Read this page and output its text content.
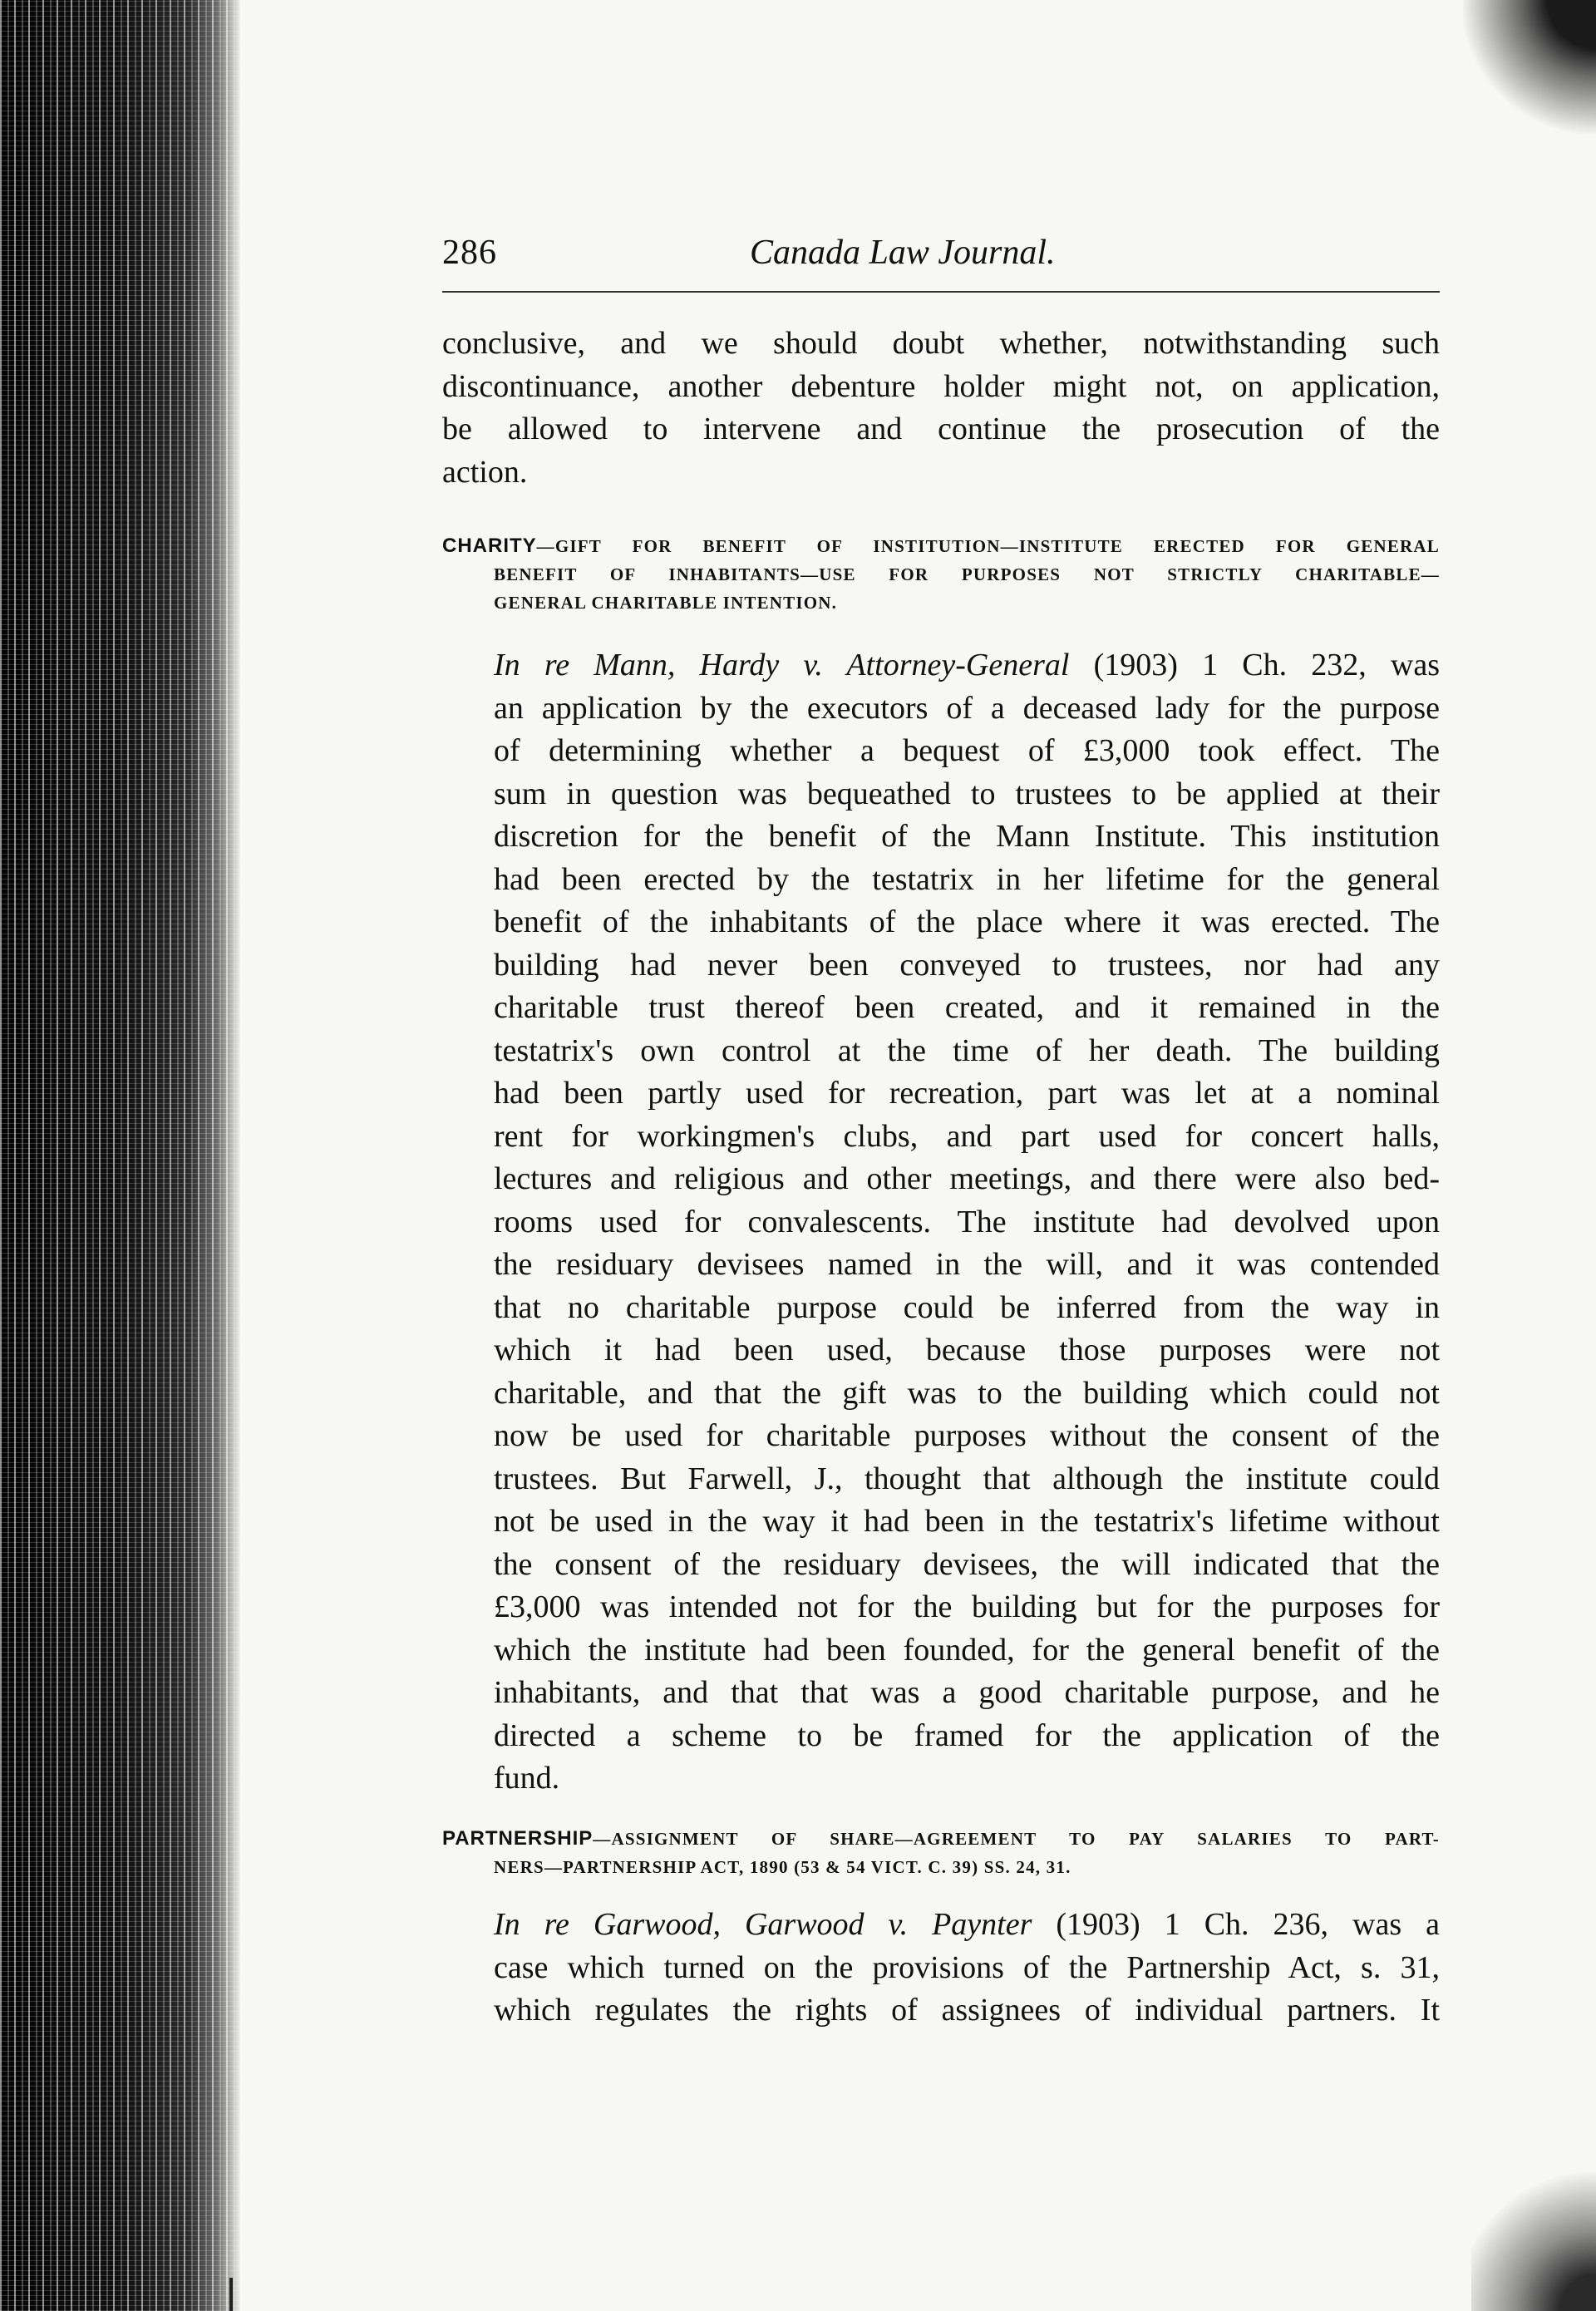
286	Canada Law Journal.
conclusive, and we should doubt whether, notwithstanding such
discontinuance, another debenture holder might not, on application,
be allowed to intervene and continue the prosecution of the
action.
CHARITY—GIFT FOR BENEFIT OF INSTITUTION—INSTITUTE ERECTED FOR GENERAL
BENEFIT OF INHABITANTS—USE FOR PURPOSES NOT STRICTLY CHARITABLE—
GENERAL CHARITABLE INTENTION.
In re Mann, Hardy v. Attorney-General (1903) 1 Ch. 232, was
an application by the executors of a deceased lady for the purpose
of determining whether a bequest of £3,000 took effect. The
sum in question was bequeathed to trustees to be applied at their
discretion for the benefit of the Mann Institute. This institution
had been erected by the testatrix in her lifetime for the general
benefit of the inhabitants of the place where it was erected. The
building had never been conveyed to trustees, nor had any
charitable trust thereof been created, and it remained in the
testatrix's own control at the time of her death. The building
had been partly used for recreation, part was let at a nominal
rent for workingmen's clubs, and part used for concert halls,
lectures and religious and other meetings, and there were also bed-
rooms used for convalescents. The institute had devolved upon
the residuary devisees named in the will, and it was contended
that no charitable purpose could be inferred from the way in
which it had been used, because those purposes were not
charitable, and that the gift was to the building which could not
now be used for charitable purposes without the consent of the
trustees. But Farwell, J., thought that although the institute could
not be used in the way it had been in the testatrix's lifetime without
the consent of the residuary devisees, the will indicated that the
£3,000 was intended not for the building but for the purposes for
which the institute had been founded, for the general benefit of the
inhabitants, and that that was a good charitable purpose, and he
directed a scheme to be framed for the application of the
fund.
PARTNERSHIP—ASSIGNMENT OF SHARE—AGREEMENT TO PAY SALARIES TO PART-
NERS—PARTNERSHIP ACT, 1890 (53 & 54 VICT. C. 39) SS. 24, 31.
In re Garwood, Garwood v. Paynter (1903) 1 Ch. 236, was a
case which turned on the provisions of the Partnership Act, s. 31,
which regulates the rights of assignees of individual partners. It
